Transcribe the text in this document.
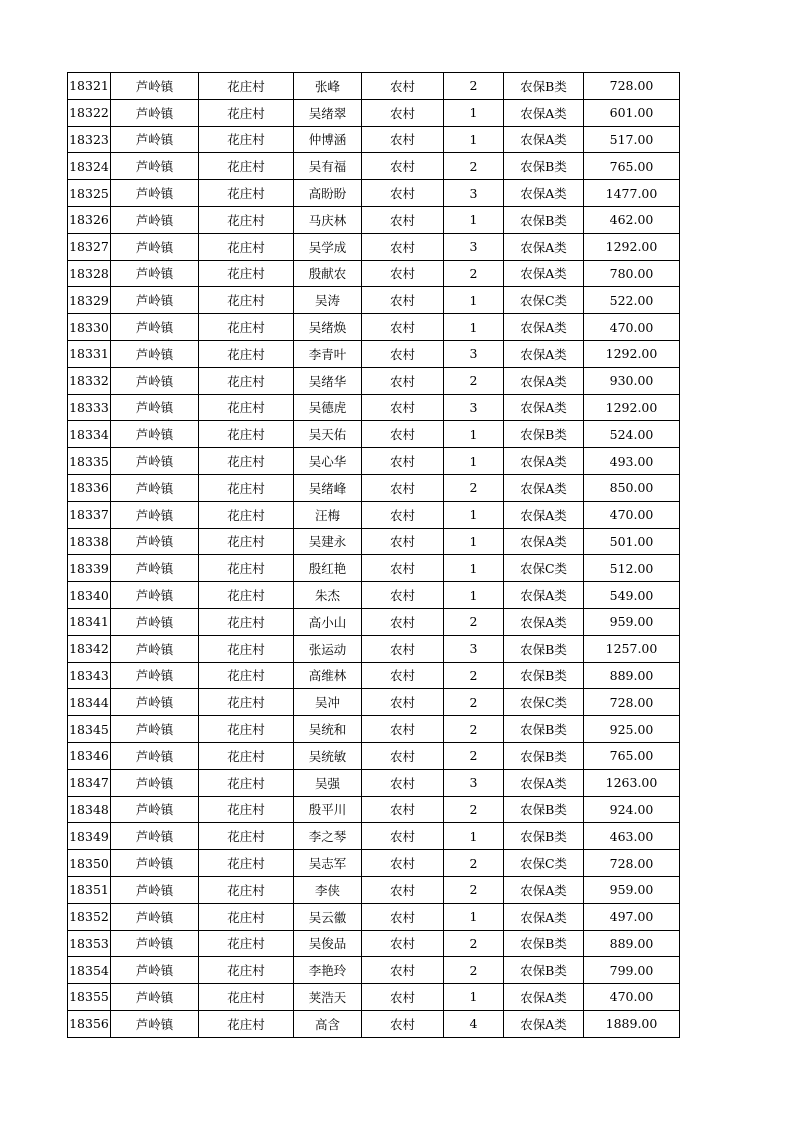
18321	芦岭镇	花庄村	张峰	农村	2	农保B类	728.00
18322	芦岭镇	花庄村	吴绪翠	农村	1	农保A类	601.00
18323	芦岭镇	花庄村	仲博涵	农村	1	农保A类	517.00
18324	芦岭镇	花庄村	吴有福	农村	2	农保B类	765.00
18325	芦岭镇	花庄村	高盼盼	农村	3	农保A类	1477.00
18326	芦岭镇	花庄村	马庆林	农村	1	农保B类	462.00
18327	芦岭镇	花庄村	吴学成	农村	3	农保A类	1292.00
18328	芦岭镇	花庄村	殷献农	农村	2	农保A类	780.00
18329	芦岭镇	花庄村	吴涛	农村	1	农保C类	522.00
18330	芦岭镇	花庄村	吴绪焕	农村	1	农保A类	470.00
18331	芦岭镇	花庄村	李青叶	农村	3	农保A类	1292.00
18332	芦岭镇	花庄村	吴绪华	农村	2	农保A类	930.00
18333	芦岭镇	花庄村	吴德虎	农村	3	农保A类	1292.00
18334	芦岭镇	花庄村	吴天佑	农村	1	农保B类	524.00
18335	芦岭镇	花庄村	吴心华	农村	1	农保A类	493.00
18336	芦岭镇	花庄村	吴绪峰	农村	2	农保A类	850.00
18337	芦岭镇	花庄村	汪梅	农村	1	农保A类	470.00
18338	芦岭镇	花庄村	吴建永	农村	1	农保A类	501.00
18339	芦岭镇	花庄村	殷红艳	农村	1	农保C类	512.00
18340	芦岭镇	花庄村	朱杰	农村	1	农保A类	549.00
18341	芦岭镇	花庄村	高小山	农村	2	农保A类	959.00
18342	芦岭镇	花庄村	张运动	农村	3	农保B类	1257.00
18343	芦岭镇	花庄村	高维林	农村	2	农保B类	889.00
18344	芦岭镇	花庄村	吴冲	农村	2	农保C类	728.00
18345	芦岭镇	花庄村	吴统和	农村	2	农保B类	925.00
18346	芦岭镇	花庄村	吴统敏	农村	2	农保B类	765.00
18347	芦岭镇	花庄村	吴强	农村	3	农保A类	1263.00
18348	芦岭镇	花庄村	殷平川	农村	2	农保B类	924.00
18349	芦岭镇	花庄村	李之琴	农村	1	农保B类	463.00
18350	芦岭镇	花庄村	吴志军	农村	2	农保C类	728.00
18351	芦岭镇	花庄村	李侠	农村	2	农保A类	959.00
18352	芦岭镇	花庄村	吴云徽	农村	1	农保A类	497.00
18353	芦岭镇	花庄村	吴俊品	农村	2	农保B类	889.00
18354	芦岭镇	花庄村	李艳玲	农村	2	农保B类	799.00
18355	芦岭镇	花庄村	荚浩天	农村	1	农保A类	470.00
18356	芦岭镇	花庄村	高含	农村	4	农保A类	1889.00
